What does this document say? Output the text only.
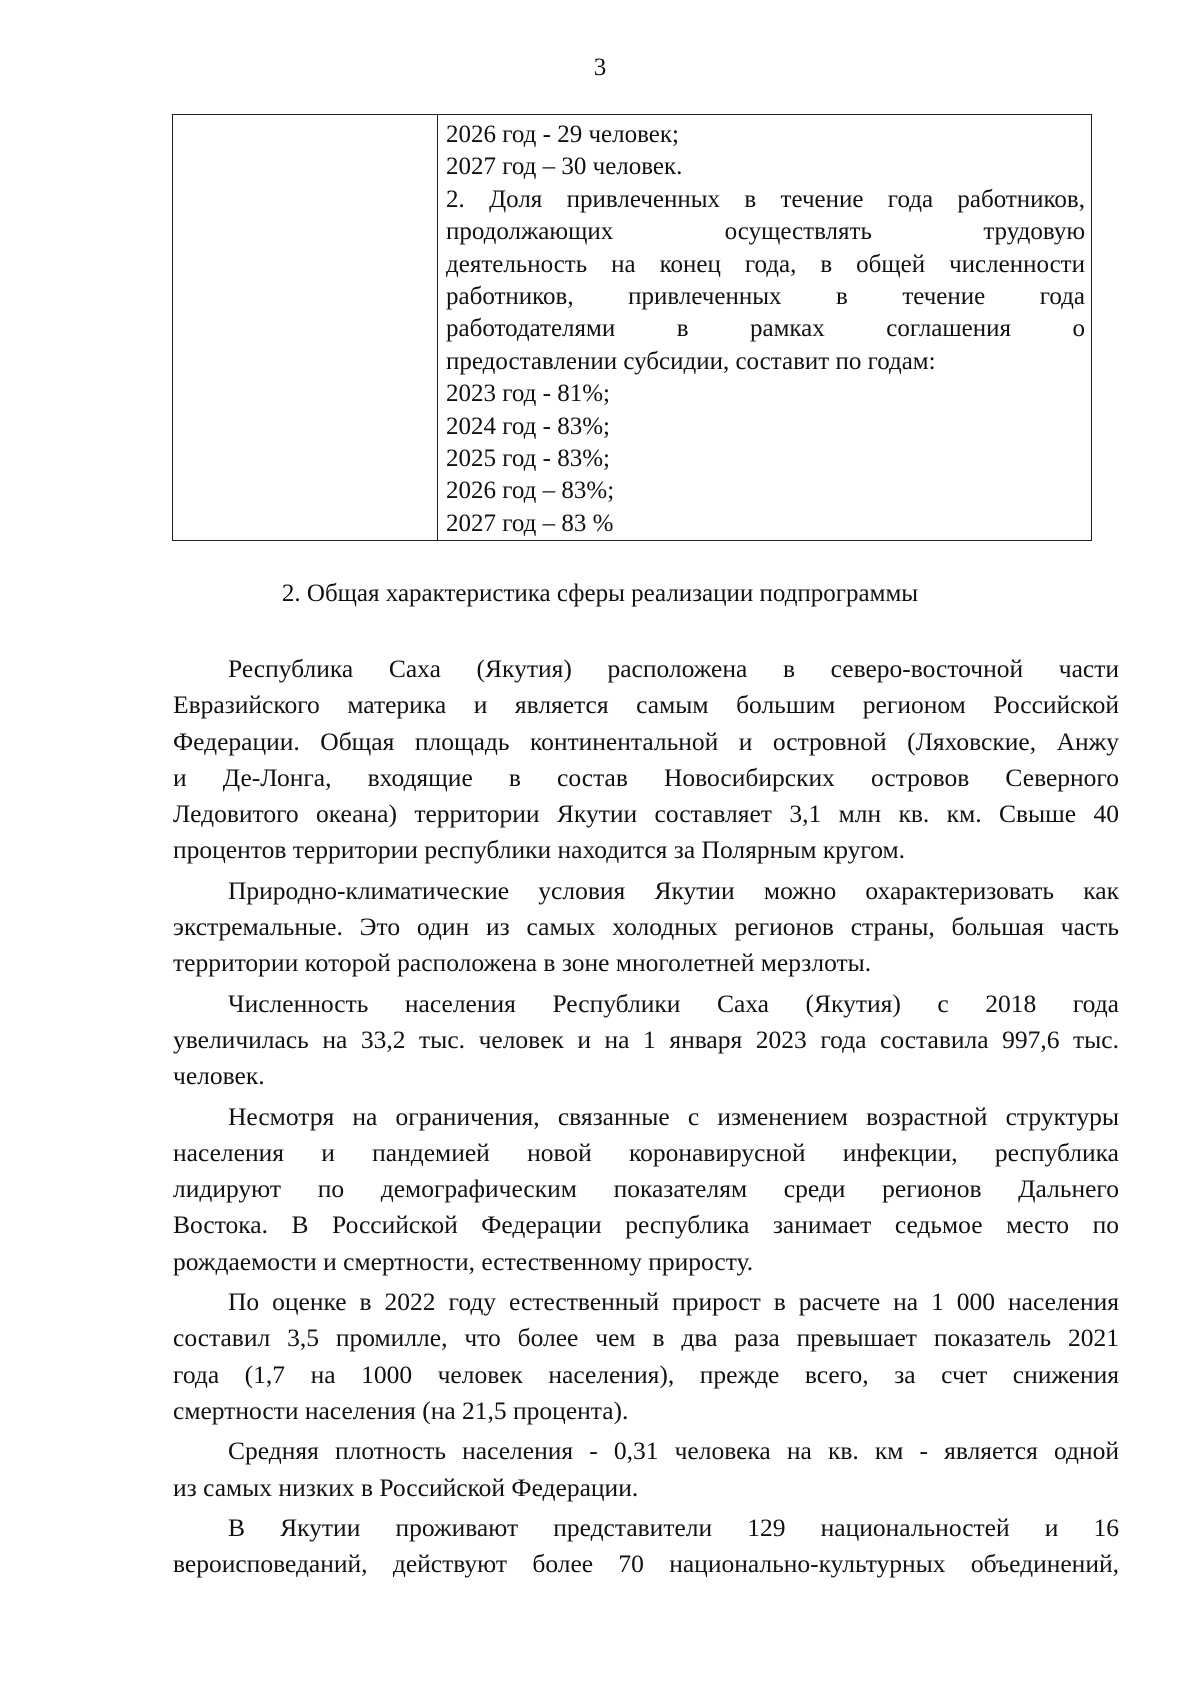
3

2026 год - 29 человек;
2027 год – 30 человек.
2. Доля привлеченных в течение года работников,
продолжающих осуществлять трудовую
деятельность на конец года, в общей численности
работников, привлеченных в течение года
работодателями в рамках соглашения о
предоставлении субсидии, составит по годам:
2023 год - 81%;
2024 год - 83%;
2025 год - 83%;
2026 год – 83%;
2027 год – 83 %
2. Общая характеристика сферы реализации подпрограммы

Республика Саха (Якутия) расположена в северо-восточной части
Евразийского материка и является самым большим регионом Российской
Федерации. Общая площадь континентальной и островной (Ляховские, Анжу
и Де-Лонга, входящие в состав Новосибирских островов Северного
Ледовитого океана) территории Якутии составляет 3,1 млн кв. км. Свыше 40
процентов территории республики находится за Полярным кругом.

Природно-климатические условия Якутии можно охарактеризовать как
экстремальные. Это один из самых холодных регионов страны, большая часть
территории которой расположена в зоне многолетней мерзлоты.

Численность населения Республики Саха (Якутия) с 2018 года
увеличилась на 33,2 тыс. человек и на 1 января 2023 года составила 997,6 тыс.
человек.

Несмотря на ограничения, связанные с изменением возрастной структуры
населения и пандемией новой коронавирусной инфекции, республика
лидируют по демографическим показателям среди регионов Дальнего
Востока. В Российской Федерации республика занимает седьмое место по
рождаемости и смертности, естественному приросту.

По оценке в 2022 году естественный прирост в расчете на 1 000 населения
составил 3,5 промилле, что более чем в два раза превышает показатель 2021
года (1,7 на 1000 человек населения), прежде всего, за счет снижения
смертности населения (на 21,5 процента).

Средняя плотность населения - 0,31 человека на кв. км - является одной
из самых низких в Российской Федерации.

В Якутии проживают представители 129 национальностей и 16
вероисповеданий, действуют более 70 национально-культурных объединений,
